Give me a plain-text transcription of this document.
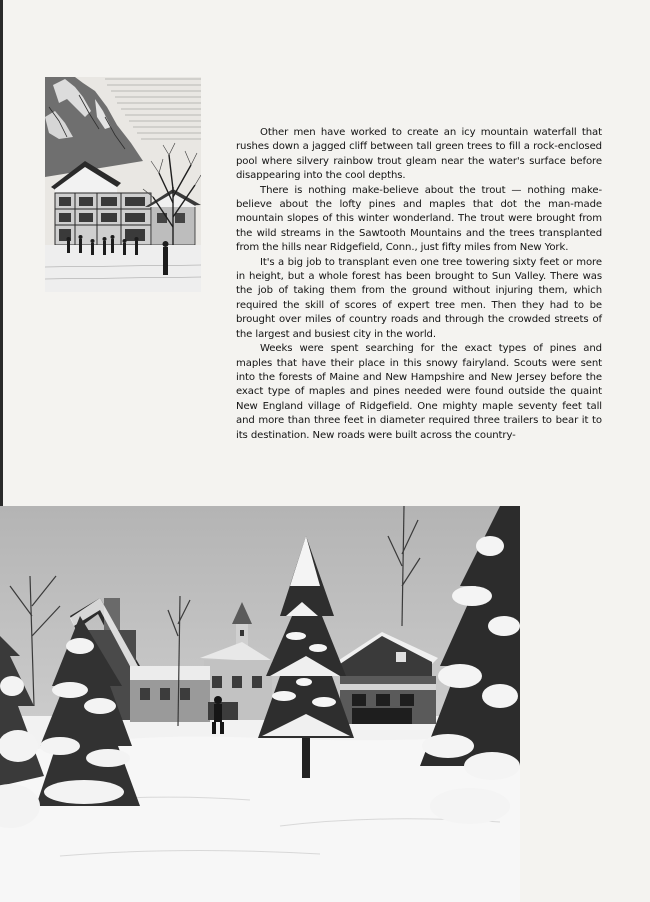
Other men have worked to create an icy mountain waterfall that rushes down a jagged cliff between tall green trees to fill a rock-enclosed pool where silvery rainbow trout gleam near the water's surface before disappearing into the cool depths.

There is nothing make-believe about the trout — nothing make-believe about the lofty pines and maples that dot the man-made mountain slopes of this winter wonderland. The trout were brought from the wild streams in the Sawtooth Mountains and the trees transplanted from the hills near Ridgefield, Conn., just fifty miles from New York.

It's a big job to transplant even one tree towering sixty feet or more in height, but a whole forest has been brought to Sun Valley. There was the job of taking them from the ground without injuring them, which required the skill of scores of expert tree men. Then they had to be brought over miles of country roads and through the crowded streets of the largest and busiest city in the world.

Weeks were spent searching for the exact types of pines and maples that have their place in this snowy fairyland. Scouts were sent into the forests of Maine and New Hampshire and New Jersey before the exact type of maples and pines needed were found outside the quaint New England village of Ridgefield. One mighty maple seventy feet tall and more than three feet in diameter required three trailers to bear it to its destination. New roads were built across the country-
